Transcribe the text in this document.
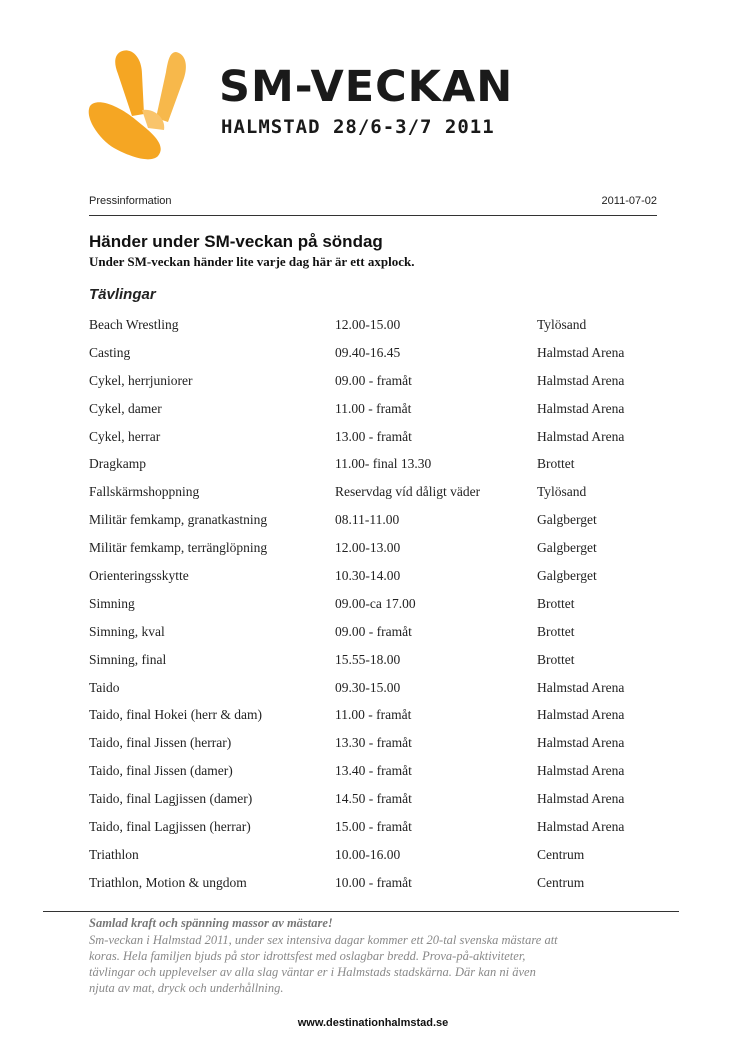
SM-VECKAN
HALMSTAD 28/6-3/7 2011
Pressinformation	2011-07-02
Händer under SM-veckan på söndag
Under SM-veckan händer lite varje dag här är ett axplock.
Tävlingar
Beach Wrestling	12.00-15.00	Tylösand
Casting	09.40-16.45	Halmstad Arena
Cykel, herrjuniorer	09.00 - framåt	Halmstad Arena
Cykel, damer	11.00 - framåt	Halmstad Arena
Cykel, herrar	13.00 - framåt	Halmstad Arena
Dragkamp	11.00- final 13.30	Brottet
Fallskärmshoppning	Reservdag víd dåligt väder	Tylösand
Militär femkamp, granatkastning	08.11-11.00	Galgberget
Militär femkamp, terränglöpning	12.00-13.00	Galgberget
Orienteringsskytte	10.30-14.00	Galgberget
Simning	09.00-ca 17.00	Brottet
Simning, kval	09.00 - framåt	Brottet
Simning, final	15.55-18.00	Brottet
Taido	09.30-15.00	Halmstad Arena
Taido, final Hokei (herr & dam)	11.00 - framåt	Halmstad Arena
Taido, final Jissen (herrar)	13.30 - framåt	Halmstad Arena
Taido, final Jissen (damer)	13.40 - framåt	Halmstad Arena
Taido, final Lagjissen (damer)	14.50 - framåt	Halmstad Arena
Taido, final Lagjissen (herrar)	15.00 - framåt	Halmstad Arena
Triathlon	10.00-16.00	Centrum
Triathlon, Motion & ungdom	10.00 - framåt	Centrum
Samlad kraft och spänning massor av mästare!
Sm-veckan i Halmstad 2011, under sex intensiva dagar kommer ett 20-tal svenska mästare att
koras. Hela familjen bjuds på stor idrottsfest med oslagbar bredd. Prova-på-aktiviteter,
tävlingar och upplevelser av alla slag väntar er i Halmstads stadskärna. Där kan ni även
njuta av mat, dryck och underhållning.
www.destinationhalmstad.se
